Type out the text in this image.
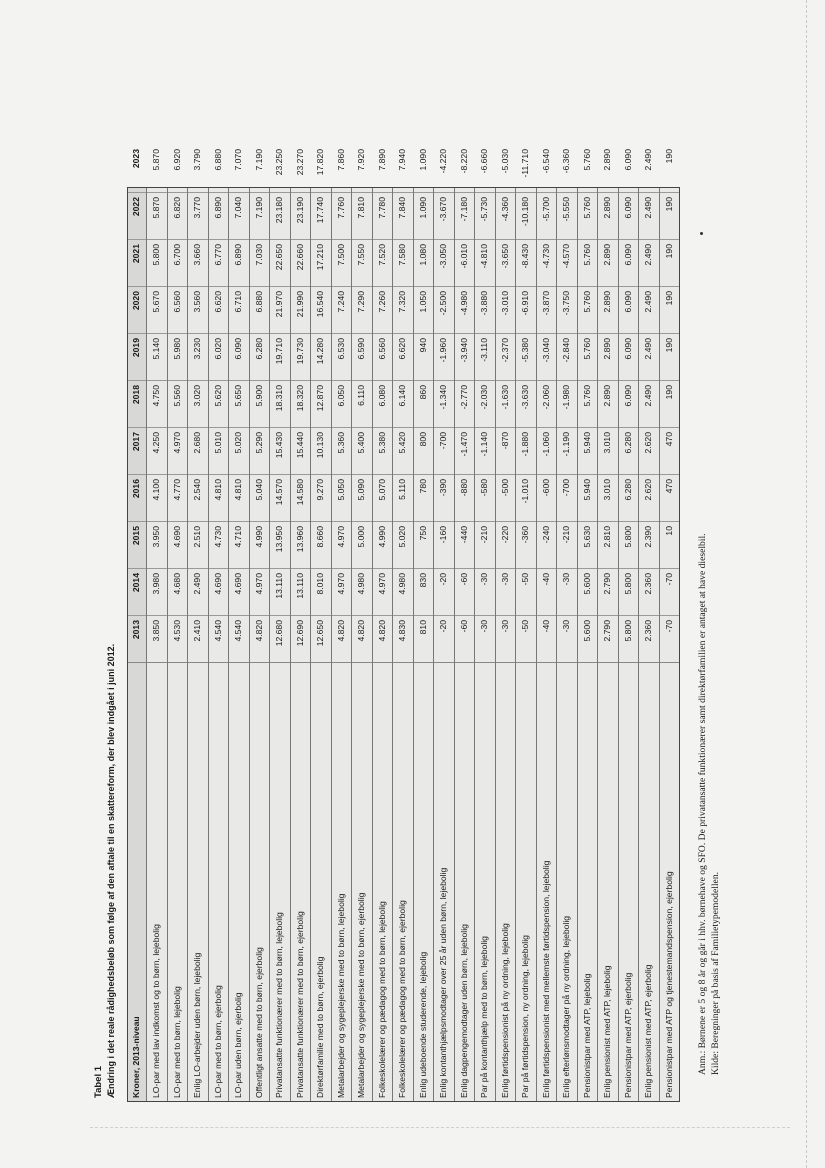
Tabel 1 Ændring i det reale rådighedsbeløb som følge af den aftale til en skattereform, der blev indgået i juni 2012.	Kroner, 2013-niveau
2013
2014
2015
2016
2017
2018
2019
2020
2021
2022
2023
LO-par med lav indkomst og to børn, lejebolig
3.850
3.980
3.950
4.100
4.250
4.750
5.140
5.670
5.800
5.870
5.870
LO-par med to børn, lejebolig
4.530
4.680
4.690
4.770
4.970
5.560
5.980
6.560
6.700
6.820
6.920
Enlig LO-arbejder uden børn, lejebolig
2.410
2.490
2.510
2.540
2.680
3.020
3.230
3.560
3.660
3.770
3.790
LO-par med to børn, ejerbolig
4.540
4.690
4.730
4.810
5.010
5.620
6.020
6.620
6.770
6.890
6.880
LO-par uden børn, ejerbolig
4.540
4.690
4.710
4.810
5.020
5.650
6.090
6.710
6.890
7.040
7.070
Offentligt ansatte med to børn, ejerbolig
4.820
4.970
4.990
5.040
5.290
5.900
6.280
6.880
7.030
7.190
7.190
Privatansatte funktionærer med to børn, lejebolig
12.680
13.110
13.950
14.570
15.430
18.310
19.710
21.970
22.650
23.180
23.250
Privatansatte funktionærer med to børn, ejerbolig
12.690
13.110
13.960
14.580
15.440
18.320
19.730
21.990
22.660
23.190
23.270
Direktørfamilie med to børn, ejerbolig
12.650
8.010
8.660
9.270
10.130
12.870
14.280
16.540
17.210
17.740
17.820
Metalarbejder og sygeplejerske med to børn, lejebolig
4.820
4.970
4.970
5.050
5.360
6.050
6.530
7.240
7.500
7.760
7.860
Metalarbejder og sygeplejerske med to børn, ejerbolig
4.820
4.980
5.000
5.090
5.400
6.110
6.590
7.290
7.550
7.810
7.920
Folkeskolelærer og pædagog med to børn, lejebolig
4.820
4.970
4.990
5.070
5.380
6.080
6.560
7.260
7.520
7.780
7.890
Folkeskolelærer og pædagog med to børn, ejerbolig
4.830
4.980
5.020
5.110
5.420
6.140
6.620
7.320
7.580
7.840
7.940
Enlig udeboende studerende, lejebolig
810
830
750
780
800
860
940
1.050
1.080
1.090
1.090
Enlig kontanthjælpsmodtager over 25 år uden børn, lejebolig
-20
-20
-160
-390
-700
-1.340
-1.960
-2.500
-3.050
-3.670
-4.220
Enlig dagpengemodtager uden børn, lejebolig
-60
-60
-440
-880
-1.470
-2.770
-3.940
-4.980
-6.010
-7.180
-8.220
Par på kontanthjælp med to børn, lejebolig
-30
-30
-210
-580
-1.140
-2.030
-3.110
-3.880
-4.810
-5.730
-6.660
Enlig førtidspensionist på ny ordning, lejebolig
-30
-30
-220
-500
-870
-1.630
-2.370
-3.010
-3.650
-4.360
-5.030
Par på førtidspension, ny ordning, lejebolig
-50
-50
-360
-1.010
-1.880
-3.630
-5.380
-6.910
-8.430
-10.180
-11.710
Enlig førtidspensionist med mellemste førtidspension, lejebolig
-40
-40
-240
-600
-1.060
-2.060
-3.040
-3.870
-4.730
-5.700
-6.540
Enlig efterlønsmodtager på ny ordning, lejebolig
-30
-30
-210
-700
-1.190
-1.980
-2.840
-3.750
-4.570
-5.550
-6.360
Pensionistpar med ATP, lejebolig
5.600
5.600
5.630
5.940
5.940
5.760
5.760
5.760
5.760
5.760
5.760
Enlig pensionist med ATP, lejebolig
2.790
2.790
2.810
3.010
3.010
2.890
2.890
2.890
2.890
2.890
2.890
Pensionistpar med ATP, ejerbolig
5.800
5.800
5.800
6.280
6.280
6.090
6.090
6.090
6.090
6.090
6.090
Enlig pensionist med ATP, ejerbolig
2.360
2.360
2.390
2.620
2.620
2.490
2.490
2.490
2.490
2.490
2.490
Pensionistpar med ATP og tjenestemandspension, ejerbolig
-70
-70
10
470
470
190
190
190
190
190
190
Anm.: Børnene er 5 og 8 år og går i hhv. børnehave og SFO. De privatansatte funktionærer samt direktørfamilien er antaget at have dieselbil. Kilde: Beregninger på basis af Familietypemodellen.
